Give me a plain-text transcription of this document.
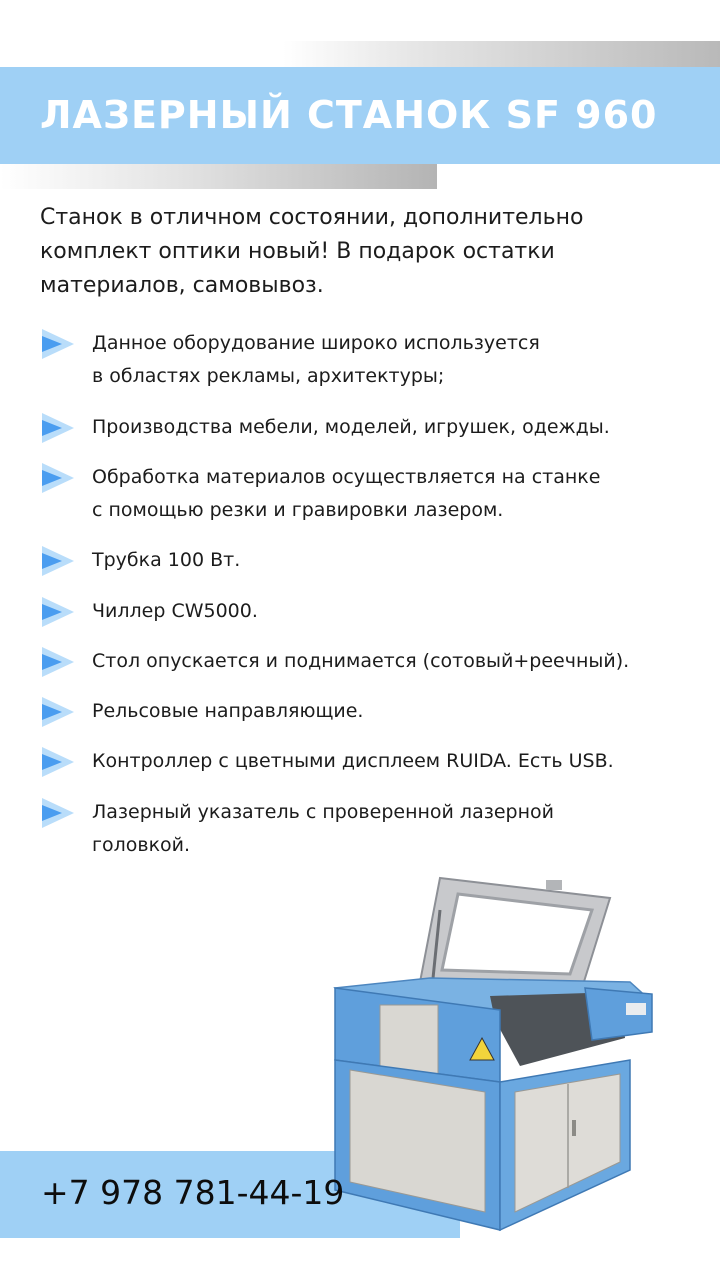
ЛАЗЕРНЫЙ СТАНОК SF 960

Станок в отличном состоянии, дополнительно комплект оптики новый! В подарок остатки материалов, самовывоз.

Данное оборудование широко используется
в областях рекламы, архитектуры;
Производства мебели, моделей, игрушек, одежды.
Обработка материалов осуществляется на станке
с помощью резки и гравировки лазером.
Трубка 100 Вт.
Чиллер CW5000.
Стол опускается и поднимается (сотовый+реечный).
Рельсовые направляющие.
Контроллер с цветными дисплеем RUIDA. Есть USB.
Лазерный указатель с проверенной лазерной
головкой.

+7 978 781-44-19
